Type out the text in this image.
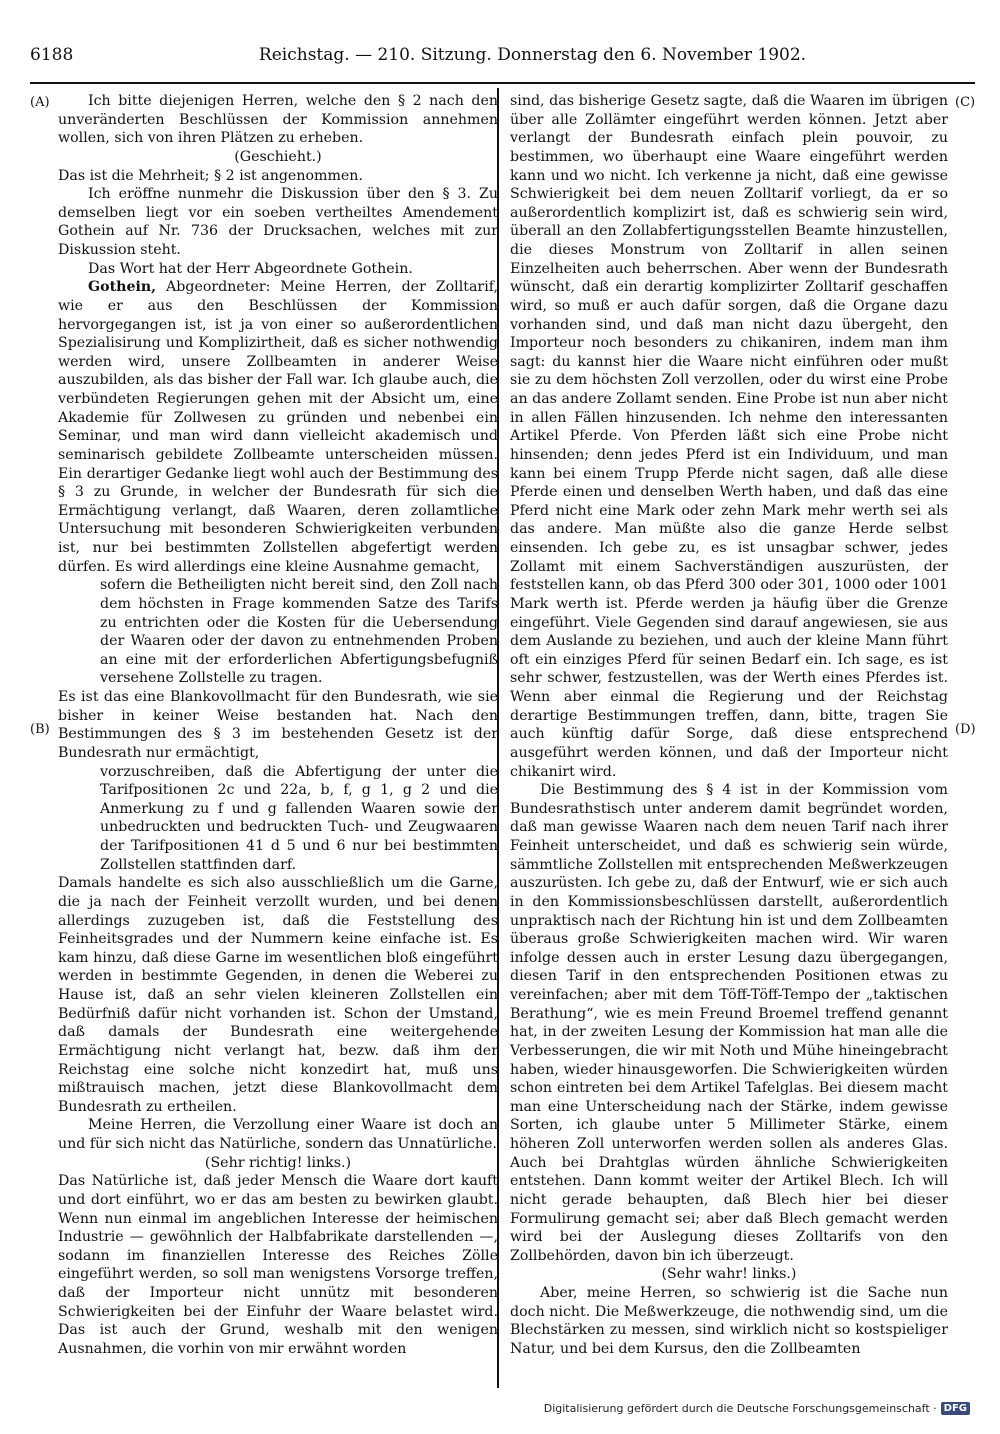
6188	Reichstag. — 210. Sitzung. Donnerstag den 6. November 1902.
(A)
(B)
(C)
(D)

Ich bitte diejenigen Herren, welche den § 2 nach den unveränderten Beschlüssen der Kommission annehmen wollen, sich von ihren Plätzen zu erheben.

(Geschieht.)

Das ist die Mehrheit; § 2 ist angenommen.

Ich eröffne nunmehr die Diskussion über den § 3. Zu demselben liegt vor ein soeben vertheiltes Amendement Gothein auf Nr. 736 der Drucksachen, welches mit zur Diskussion steht.

Das Wort hat der Herr Abgeordnete Gothein.

Gothein, Abgeordneter: Meine Herren, der Zolltarif, wie er aus den Beschlüssen der Kommission hervorgegangen ist, ist ja von einer so außerordentlichen Spezialisirung und Komplizirtheit, daß es sicher nothwendig werden wird, unsere Zollbeamten in anderer Weise auszubilden, als das bisher der Fall war. Ich glaube auch, die verbündeten Regierungen gehen mit der Absicht um, eine Akademie für Zollwesen zu gründen und nebenbei ein Seminar, und man wird dann vielleicht akademisch und seminarisch gebildete Zollbeamte unterscheiden müssen. Ein derartiger Gedanke liegt wohl auch der Bestimmung des § 3 zu Grunde, in welcher der Bundesrath für sich die Ermächtigung verlangt, daß Waaren, deren zollamtliche Untersuchung mit besonderen Schwierigkeiten verbunden ist, nur bei bestimmten Zollstellen abgefertigt werden dürfen. Es wird allerdings eine kleine Ausnahme gemacht,

sofern die Betheiligten nicht bereit sind, den Zoll nach dem höchsten in Frage kommenden Satze des Tarifs zu entrichten oder die Kosten für die Uebersendung der Waaren oder der davon zu entnehmenden Proben an eine mit der erforderlichen Abfertigungsbefugniß versehene Zollstelle zu tragen.

Es ist das eine Blankovollmacht für den Bundesrath, wie sie bisher in keiner Weise bestanden hat. Nach den Bestimmungen des § 3 im bestehenden Gesetz ist der Bundesrath nur ermächtigt,

vorzuschreiben, daß die Abfertigung der unter die Tarifpositionen 2c und 22a, b, f, g 1, g 2 und die Anmerkung zu f und g fallenden Waaren sowie der unbedruckten und bedruckten Tuch- und Zeugwaaren der Tarifpositionen 41 d 5 und 6 nur bei bestimmten Zollstellen stattfinden darf.

Damals handelte es sich also ausschließlich um die Garne, die ja nach der Feinheit verzollt wurden, und bei denen allerdings zuzugeben ist, daß die Feststellung des Feinheitsgrades und der Nummern keine einfache ist. Es kam hinzu, daß diese Garne im wesentlichen bloß eingeführt werden in bestimmte Gegenden, in denen die Weberei zu Hause ist, daß an sehr vielen kleineren Zollstellen ein Bedürfniß dafür nicht vorhanden ist. Schon der Umstand, daß damals der Bundesrath eine weitergehende Ermächtigung nicht verlangt hat, bezw. daß ihm der Reichstag eine solche nicht konzedirt hat, muß uns mißtrauisch machen, jetzt diese Blankovollmacht dem Bundesrath zu ertheilen.

Meine Herren, die Verzollung einer Waare ist doch an und für sich nicht das Natürliche, sondern das Unnatürliche.

(Sehr richtig! links.)

Das Natürliche ist, daß jeder Mensch die Waare dort kauft und dort einführt, wo er das am besten zu bewirken glaubt. Wenn nun einmal im angeblichen Interesse der heimischen Industrie — gewöhnlich der Halbfabrikate darstellenden —, sodann im finanziellen Interesse des Reiches Zölle eingeführt werden, so soll man wenigstens Vorsorge treffen, daß der Importeur nicht unnütz mit besonderen Schwierigkeiten bei der Einfuhr der Waare belastet wird. Das ist auch der Grund, weshalb mit den wenigen Ausnahmen, die vorhin von mir erwähnt worden

sind, das bisherige Gesetz sagte, daß die Waaren im übrigen über alle Zollämter eingeführt werden können. Jetzt aber verlangt der Bundesrath einfach plein pouvoir, zu bestimmen, wo überhaupt eine Waare eingeführt werden kann und wo nicht. Ich verkenne ja nicht, daß eine gewisse Schwierigkeit bei dem neuen Zolltarif vorliegt, da er so außerordentlich komplizirt ist, daß es schwierig sein wird, überall an den Zollabfertigungsstellen Beamte hinzustellen, die dieses Monstrum von Zolltarif in allen seinen Einzelheiten auch beherrschen. Aber wenn der Bundesrath wünscht, daß ein derartig komplizirter Zolltarif geschaffen wird, so muß er auch dafür sorgen, daß die Organe dazu vorhanden sind, und daß man nicht dazu übergeht, den Importeur noch besonders zu chikaniren, indem man ihm sagt: du kannst hier die Waare nicht einführen oder mußt sie zu dem höchsten Zoll verzollen, oder du wirst eine Probe an das andere Zollamt senden. Eine Probe ist nun aber nicht in allen Fällen hinzusenden. Ich nehme den interessanten Artikel Pferde. Von Pferden läßt sich eine Probe nicht hinsenden; denn jedes Pferd ist ein Individuum, und man kann bei einem Trupp Pferde nicht sagen, daß alle diese Pferde einen und denselben Werth haben, und daß das eine Pferd nicht eine Mark oder zehn Mark mehr werth sei als das andere. Man müßte also die ganze Herde selbst einsenden. Ich gebe zu, es ist unsagbar schwer, jedes Zollamt mit einem Sachverständigen auszurüsten, der feststellen kann, ob das Pferd 300 oder 301, 1000 oder 1001 Mark werth ist. Pferde werden ja häufig über die Grenze eingeführt. Viele Gegenden sind darauf angewiesen, sie aus dem Auslande zu beziehen, und auch der kleine Mann führt oft ein einziges Pferd für seinen Bedarf ein. Ich sage, es ist sehr schwer, festzustellen, was der Werth eines Pferdes ist. Wenn aber einmal die Regierung und der Reichstag derartige Bestimmungen treffen, dann, bitte, tragen Sie auch künftig dafür Sorge, daß diese entsprechend ausgeführt werden können, und daß der Importeur nicht chikanirt wird.

Die Bestimmung des § 4 ist in der Kommission vom Bundesrathstisch unter anderem damit begründet worden, daß man gewisse Waaren nach dem neuen Tarif nach ihrer Feinheit unterscheidet, und daß es schwierig sein würde, sämmtliche Zollstellen mit entsprechenden Meßwerkzeugen auszurüsten. Ich gebe zu, daß der Entwurf, wie er sich auch in den Kommissionsbeschlüssen darstellt, außerordentlich unpraktisch nach der Richtung hin ist und dem Zollbeamten überaus große Schwierigkeiten machen wird. Wir waren infolge dessen auch in erster Lesung dazu übergegangen, diesen Tarif in den entsprechenden Positionen etwas zu vereinfachen; aber mit dem Töff-Töff-Tempo der „taktischen Berathung“, wie es mein Freund Broemel treffend genannt hat, in der zweiten Lesung der Kommission hat man alle die Verbesserungen, die wir mit Noth und Mühe hineingebracht haben, wieder hinausgeworfen. Die Schwierigkeiten würden schon eintreten bei dem Artikel Tafelglas. Bei diesem macht man eine Unterscheidung nach der Stärke, indem gewisse Sorten, ich glaube unter 5 Millimeter Stärke, einem höheren Zoll unterworfen werden sollen als anderes Glas. Auch bei Drahtglas würden ähnliche Schwierigkeiten entstehen. Dann kommt weiter der Artikel Blech. Ich will nicht gerade behaupten, daß Blech hier bei dieser Formulirung gemacht sei; aber daß Blech gemacht werden wird bei der Auslegung dieses Zolltarifs von den Zollbehörden, davon bin ich überzeugt.

(Sehr wahr! links.)

Aber, meine Herren, so schwierig ist die Sache nun doch nicht. Die Meßwerkzeuge, die nothwendig sind, um die Blechstärken zu messen, sind wirklich nicht so kostspieliger Natur, und bei dem Kursus, den die Zollbeamten

Digitalisierung gefördert durch die Deutsche Forschungsgemeinschaft · DFG
